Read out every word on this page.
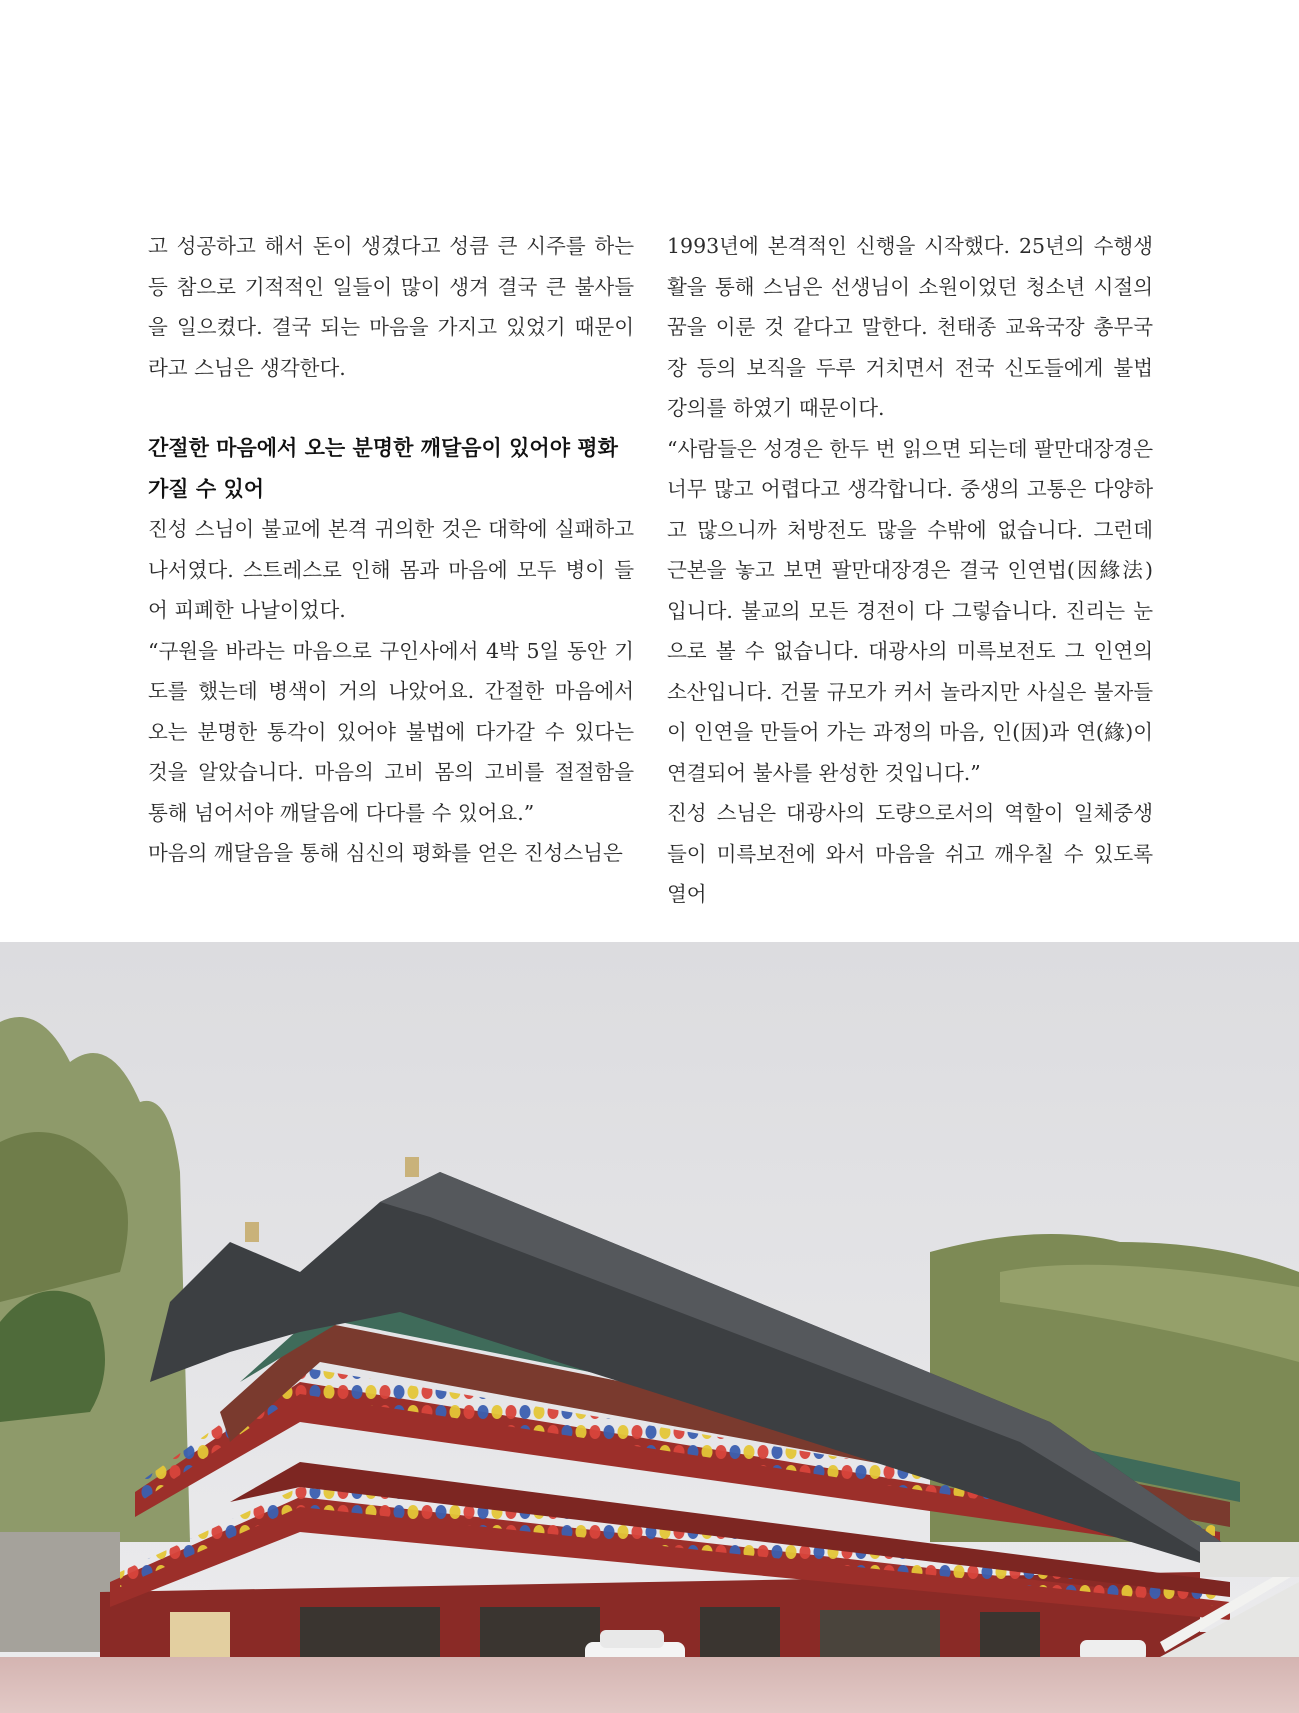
고 성공하고 해서 돈이 생겼다고 성큼 큰 시주를 하는 등 참으로 기적적인 일들이 많이 생겨 결국 큰 불사들을 일으켰다. 결국 되는 마음을 가지고 있었기 때문이라고 스님은 생각한다.

간절한 마음에서 오는 분명한 깨달음이 있어야 평화가질 수 있어

진성 스님이 불교에 본격 귀의한 것은 대학에 실패하고 나서였다. 스트레스로 인해 몸과 마음에 모두 병이 들어 피폐한 나날이었다.

“구원을 바라는 마음으로 구인사에서 4박 5일 동안 기도를 했는데 병색이 거의 나았어요. 간절한 마음에서 오는 분명한 통각이 있어야 불법에 다가갈 수 있다는 것을 알았습니다. 마음의 고비 몸의 고비를 절절함을 통해 넘어서야 깨달음에 다다를 수 있어요.”

마음의 깨달음을 통해 심신의 평화를 얻은 진성스님은

1993년에 본격적인 신행을 시작했다. 25년의 수행생활을 통해 스님은 선생님이 소원이었던 청소년 시절의 꿈을 이룬 것 같다고 말한다. 천태종 교육국장 총무국장 등의 보직을 두루 거치면서 전국 신도들에게 불법 강의를 하였기 때문이다.

“사람들은 성경은 한두 번 읽으면 되는데 팔만대장경은 너무 많고 어렵다고 생각합니다. 중생의 고통은 다양하고 많으니까 처방전도 많을 수밖에 없습니다. 그런데 근본을 놓고 보면 팔만대장경은 결국 인연법(因緣法)입니다. 불교의 모든 경전이 다 그렇습니다. 진리는 눈으로 볼 수 없습니다. 대광사의 미륵보전도 그 인연의 소산입니다. 건물 규모가 커서 놀라지만 사실은 불자들이 인연을 만들어 가는 과정의 마음, 인(因)과 연(緣)이 연결되어 불사를 완성한 것입니다.”

진성 스님은 대광사의 도량으로서의 역할이 일체중생들이 미륵보전에 와서 마음을 쉬고 깨우칠 수 있도록 열어
